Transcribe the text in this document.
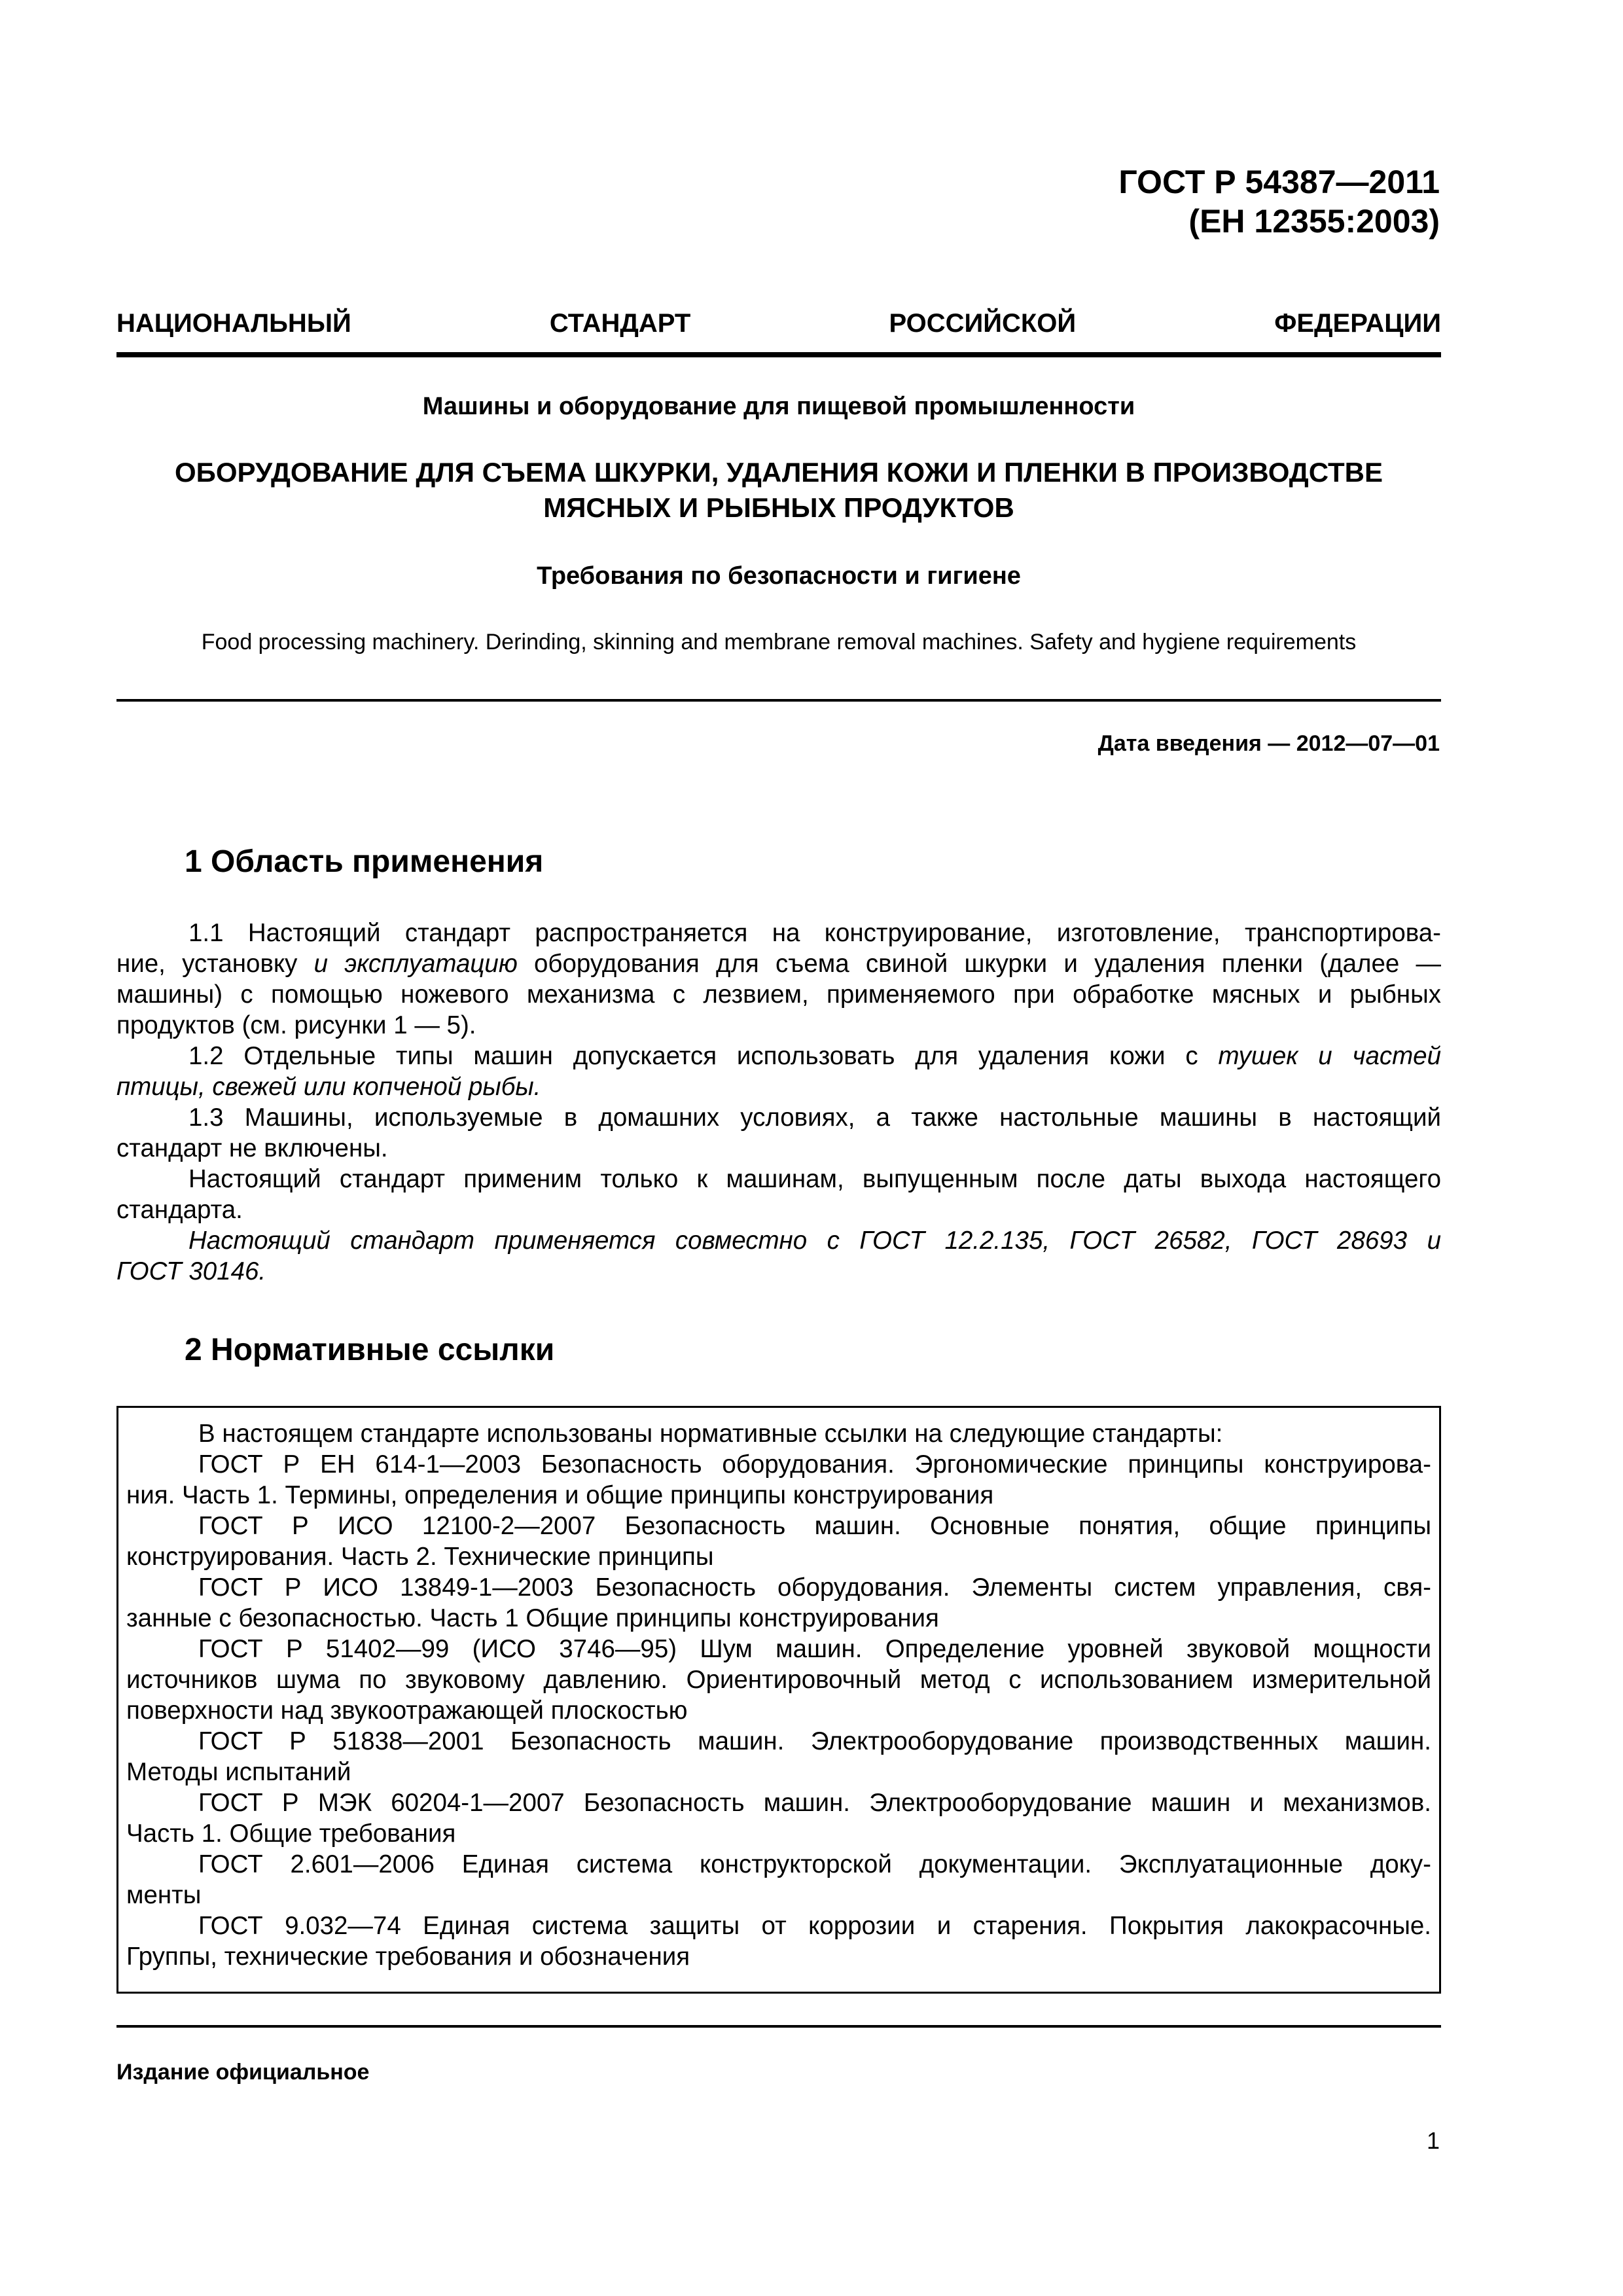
ГОСТ Р 54387—2011
(ЕН 12355:2003)
НАЦИОНАЛЬНЫЙ	СТАНДАРТ	РОССИЙСКОЙ	ФЕДЕРАЦИИ
Машины и оборудование для пищевой промышленности
ОБОРУДОВАНИЕ ДЛЯ СЪЕМА ШКУРКИ, УДАЛЕНИЯ КОЖИ И ПЛЕНКИ В ПРОИЗВОДСТВЕ
МЯСНЫХ И РЫБНЫХ ПРОДУКТОВ
Требования по безопасности и гигиене
Food processing machinery. Derinding, skinning and membrane removal machines. Safety and hygiene requirements
Дата введения — 2012—07—01
1 Область применения
1.1 Настоящий стандарт распространяется на конструирование, изготовление, транспортирова-
ние, установку и эксплуатацию оборудования для съема свиной шкурки и удаления пленки (далее —
машины) с помощью ножевого механизма с лезвием, применяемого при обработке мясных и рыбных
продуктов (см. рисунки 1 — 5).
1.2 Отдельные типы машин допускается использовать для удаления кожи с тушек и частей
птицы, свежей или копченой рыбы.
1.3 Машины, используемые в домашних условиях, а также настольные машины в настоящий
стандарт не включены.
Настоящий стандарт применим только к машинам, выпущенным после даты выхода настоящего
стандарта.
Настоящий стандарт применяется совместно с ГОСТ 12.2.135, ГОСТ 26582, ГОСТ 28693 и
ГОСТ 30146.
2 Нормативные ссылки
В настоящем стандарте использованы нормативные ссылки на следующие стандарты:
ГОСТ Р ЕН 614-1—2003 Безопасность оборудования. Эргономические принципы конструирова-
ния. Часть 1. Термины, определения и общие принципы конструирования
ГОСТ Р ИСО 12100-2—2007 Безопасность машин. Основные понятия, общие принципы
конструирования. Часть 2. Технические принципы
ГОСТ Р ИСО 13849-1—2003 Безопасность оборудования. Элементы систем управления, свя-
занные с безопасностью. Часть 1 Общие принципы конструирования
ГОСТ Р 51402—99 (ИСО 3746—95) Шум машин. Определение уровней звуковой мощности
источников шума по звуковому давлению. Ориентировочный метод с использованием измерительной
поверхности над звукоотражающей плоскостью
ГОСТ Р 51838—2001 Безопасность машин. Электрооборудование производственных машин.
Методы испытаний
ГОСТ Р МЭК 60204-1—2007 Безопасность машин. Электрооборудование машин и механизмов.
Часть 1. Общие требования
ГОСТ 2.601—2006 Единая система конструкторской документации. Эксплуатационные доку-
менты
ГОСТ 9.032—74 Единая система защиты от коррозии и старения. Покрытия лакокрасочные.
Группы, технические требования и обозначения
Издание официальное
1
